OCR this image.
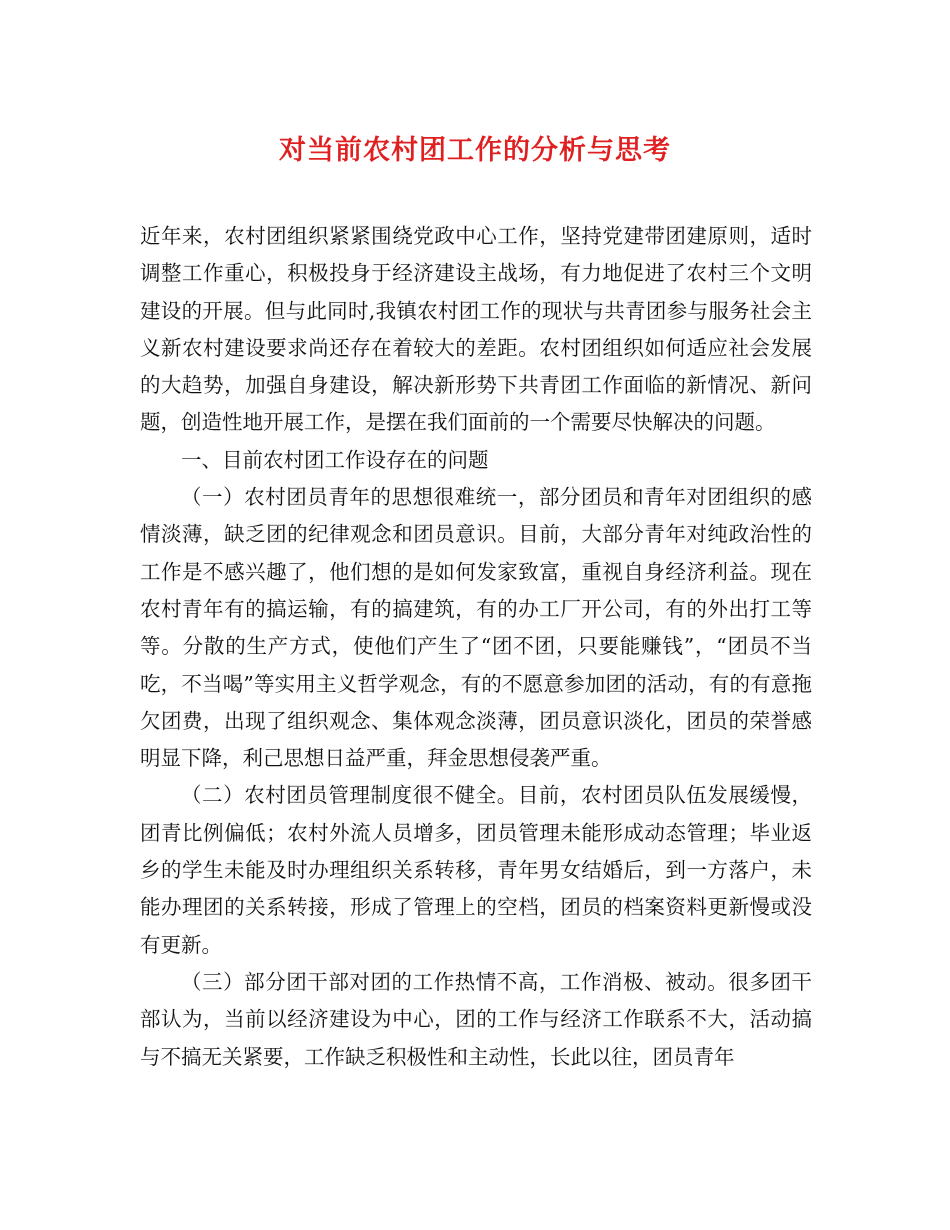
对当前农村团工作的分析与思考

近年来，农村团组织紧紧围绕党政中心工作，坚持党建带团建原则，适时调整工作重心，积极投身于经济建设主战场，有力地促进了农村三个文明建设的开展。但与此同时,我镇农村团工作的现状与共青团参与服务社会主义新农村建设要求尚还存在着较大的差距。农村团组织如何适应社会发展的大趋势，加强自身建设，解决新形势下共青团工作面临的新情况、新问题，创造性地开展工作，是摆在我们面前的一个需要尽快解决的问题。

一、目前农村团工作设存在的问题

（一）农村团员青年的思想很难统一，部分团员和青年对团组织的感情淡薄，缺乏团的纪律观念和团员意识。目前，大部分青年对纯政治性的工作是不感兴趣了，他们想的是如何发家致富，重视自身经济利益。现在农村青年有的搞运输，有的搞建筑，有的办工厂开公司，有的外出打工等等。分散的生产方式，使他们产生了“团不团，只要能赚钱”，“团员不当吃，不当喝”等实用主义哲学观念，有的不愿意参加团的活动，有的有意拖欠团费，出现了组织观念、集体观念淡薄，团员意识淡化，团员的荣誉感明显下降，利己思想日益严重，拜金思想侵袭严重。

（二）农村团员管理制度很不健全。目前，农村团员队伍发展缓慢，团青比例偏低；农村外流人员增多，团员管理未能形成动态管理；毕业返乡的学生未能及时办理组织关系转移，青年男女结婚后，到一方落户，未能办理团的关系转接，形成了管理上的空档，团员的档案资料更新慢或没有更新。

（三）部分团干部对团的工作热情不高，工作消极、被动。很多团干部认为，当前以经济建设为中心，团的工作与经济工作联系不大，活动搞与不搞无关紧要，工作缺乏积极性和主动性，长此以往，团员青年
